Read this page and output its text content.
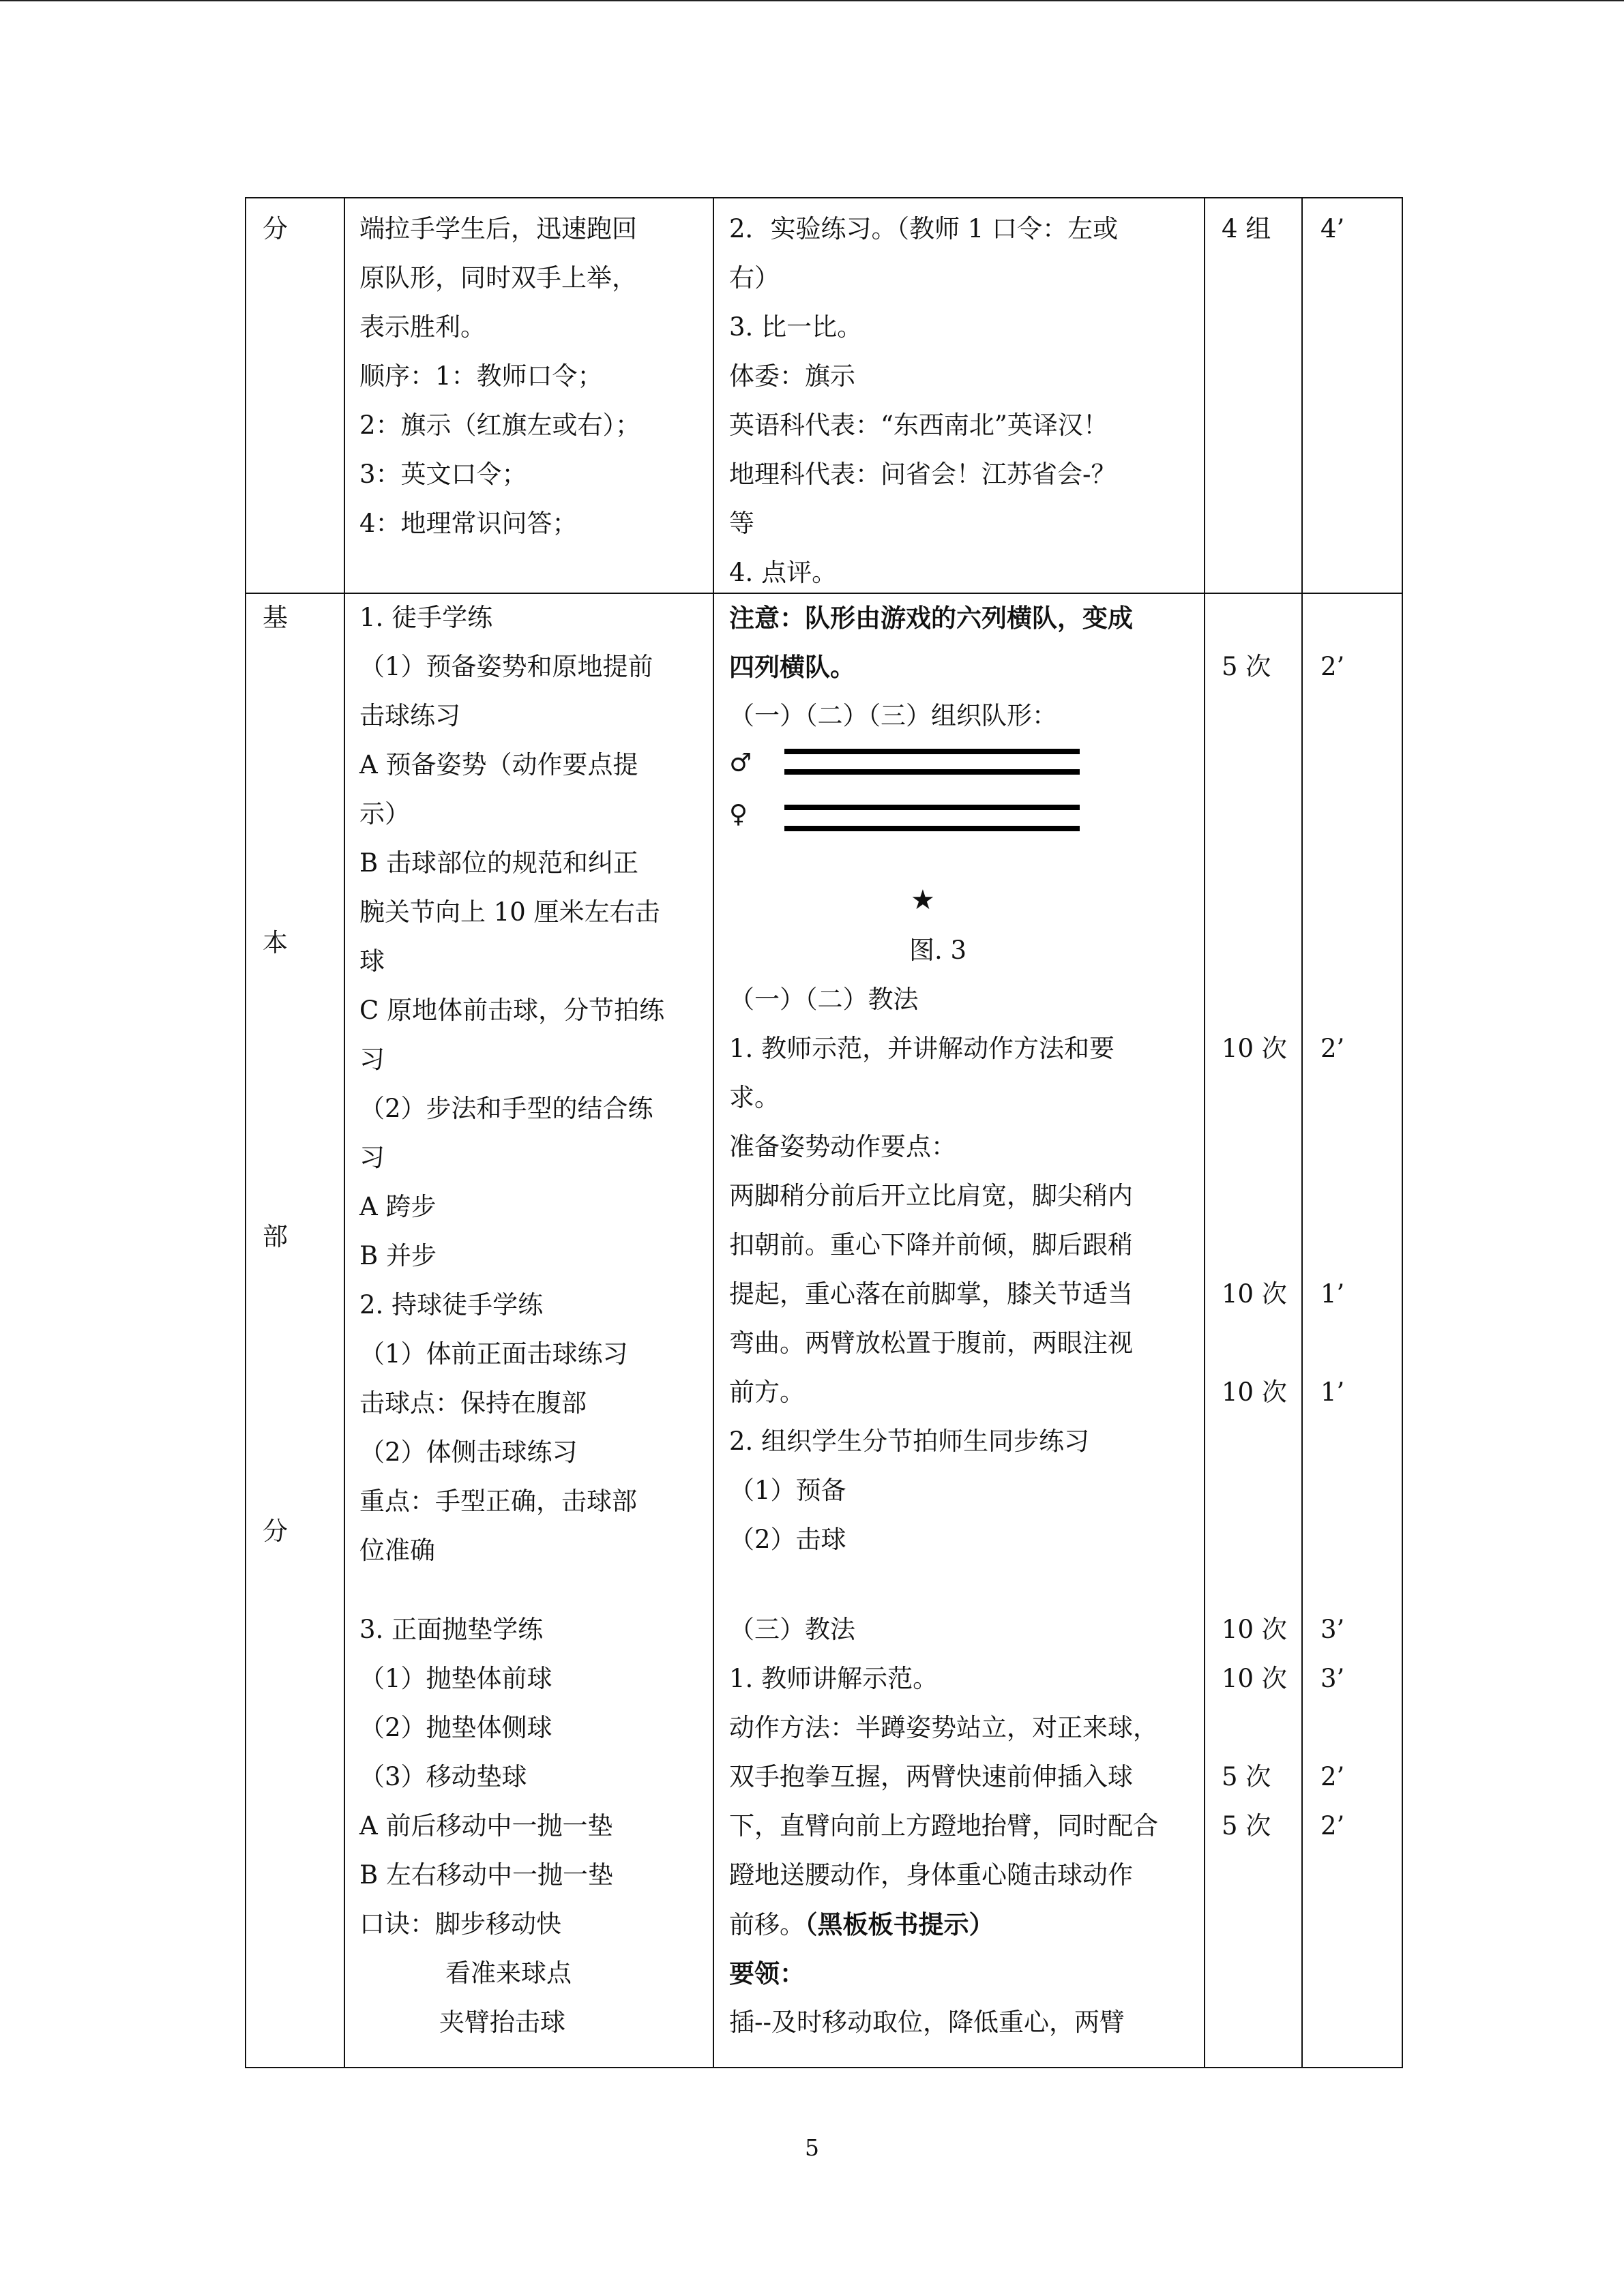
分	端拉手学生后，迅速跑回
原队形，同时双手上举，
表示胜利。
顺序：1：教师口令；
2：旗示（红旗左或右）；
3：英文口令；
4：地理常识问答；
2．实验练习。（教师 1 口令：左或
右）
3. 比一比。
体委：旗示
英语科代表：“东西南北”英译汉！
地理科代表：问省会！江苏省会-？
等
4. 点评。
4 组 4’
基
本
部
分
1. 徒手学练
（1）预备姿势和原地提前
击球练习
A 预备姿势（动作要点提
示）
B 击球部位的规范和纠正
腕关节向上 10 厘米左右击
球
C 原地体前击球，分节拍练
习
（2）步法和手型的结合练
习
A 跨步
B 并步
2. 持球徒手学练
（1）体前正面击球练习
击球点：保持在腹部
（2）体侧击球练习
重点：手型正确，击球部
位准确
3. 正面抛垫学练
（1）抛垫体前球
（2）抛垫体侧球
（3）移动垫球
A 前后移动中一抛一垫
B 左右移动中一抛一垫
口诀：脚步移动快
看准来球点
夹臂抬击球
注意：队形由游戏的六列横队，变成
四列横队。
（一）（二）（三）组织队形：
♂
♀
★
图. 3
（一）（二）教法
1. 教师示范，并讲解动作方法和要
求。
准备姿势动作要点：
两脚稍分前后开立比肩宽，脚尖稍内
扣朝前。重心下降并前倾，脚后跟稍
提起，重心落在前脚掌，膝关节适当
弯曲。两臂放松置于腹前，两眼注视
前方。
2. 组织学生分节拍师生同步练习
（1）预备
（2）击球
（三）教法
1. 教师讲解示范。
动作方法：半蹲姿势站立，对正来球，
双手抱拳互握，两臂快速前伸插入球
下，直臂向前上方蹬地抬臂，同时配合
蹬地送腰动作，身体重心随击球动作
前移。（黑板板书提示）
要领：
插--及时移动取位，降低重心，两臂
5 次
10 次
10 次
10 次
10 次
10 次
5 次
5 次
2’
2’
1’
1’
3’
3’
2’
2’
5
